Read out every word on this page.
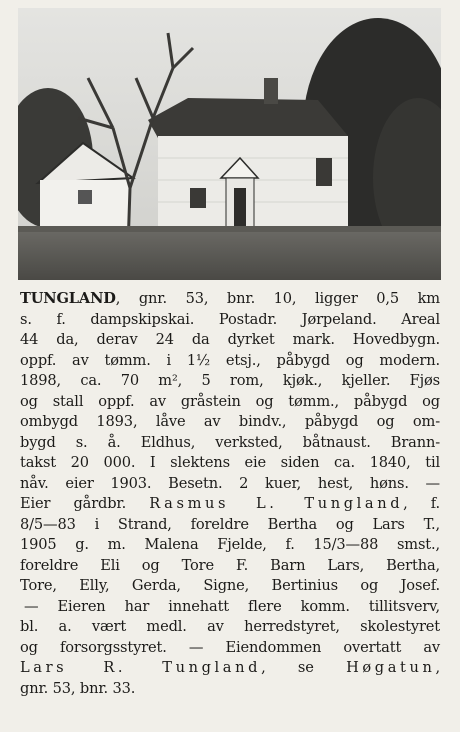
TUNGLAND, gnr. 53, bnr. 10, ligger 0,5 km
s. f. dampskipskai. Postadr. Jørpeland. Areal
44 da, derav 24 da dyrket mark. Hovedbygn.
oppf. av tømm. i 1½ etsj., påbygd og modern.
1898, ca. 70 m², 5 rom, kjøk., kjeller. Fjøs
og stall oppf. av gråstein og tømm., påbygd og
ombygd 1893, låve av bindv., påbygd og om-
bygd s. å. Eldhus, verksted, båtnaust. Brann-
takst 20 000. I slektens eie siden ca. 1840, til
nåv. eier 1903. Besetn. 2 kuer, hest, høns. —
Eier gårdbr. Rasmus L. Tungland, f.
8/5—83 i Strand, foreldre Bertha og Lars T.,
1905 g. m. Malena Fjelde, f. 15/3—88 smst.,
foreldre Eli og Tore F. Barn Lars, Bertha,
Tore, Elly, Gerda, Signe, Bertinius og Josef.
— Eieren har innehatt flere komm. tillitsverv,
bl. a. vært medl. av herredstyret, skolestyret
og forsorgsstyret. — Eiendommen overtatt av
Lars R. Tungland, se Høgatun,
gnr. 53, bnr. 33.
